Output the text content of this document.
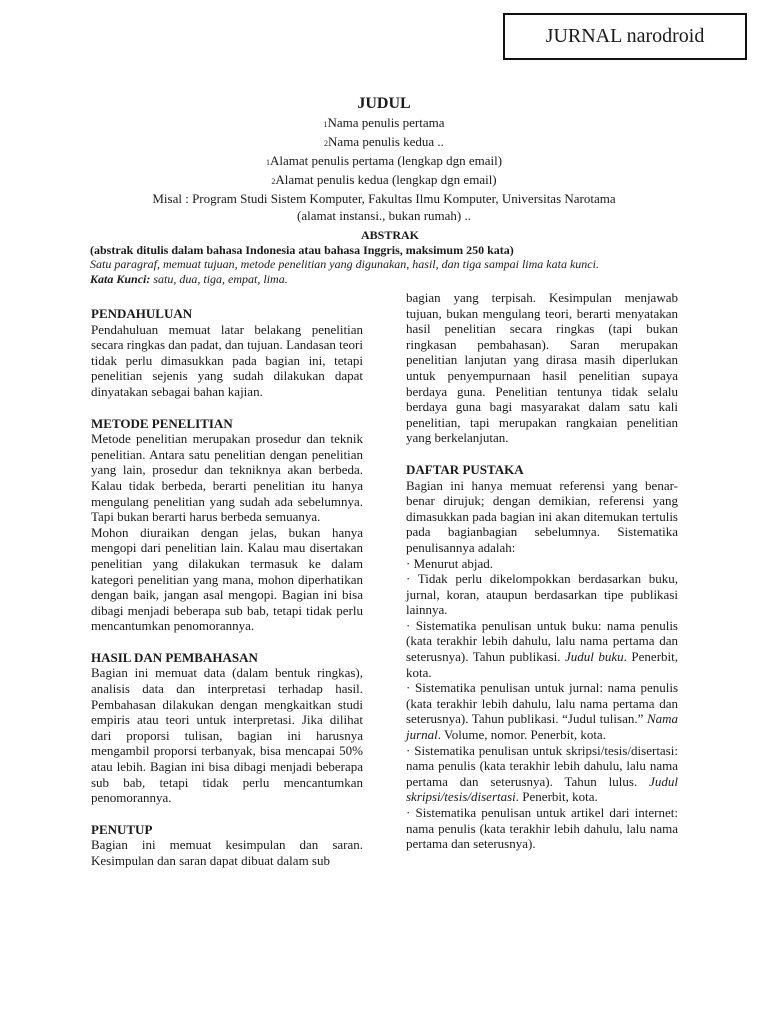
JURNAL narodroid
JUDUL
1Nama penulis pertama
2Nama penulis kedua ..
1Alamat penulis pertama (lengkap dgn email)
2Alamat penulis kedua (lengkap dgn email)
Misal : Program Studi Sistem Komputer, Fakultas Ilmu Komputer, Universitas Narotama
(alamat instansi., bukan rumah) ..
ABSTRAK
(abstrak ditulis dalam bahasa Indonesia atau bahasa Inggris, maksimum 250 kata)
Satu paragraf, memuat tujuan, metode penelitian yang digunakan, hasil, dan tiga sampai lima kata kunci.
Kata Kunci: satu, dua, tiga, empat, lima.

PENDAHULUAN

Pendahuluan memuat latar belakang penelitian secara ringkas dan padat, dan tujuan. Landasan teori tidak perlu dimasukkan pada bagian ini, tetapi penelitian sejenis yang sudah dilakukan dapat dinyatakan sebagai bahan kajian.

METODE PENELITIAN

Metode penelitian merupakan prosedur dan teknik penelitian. Antara satu penelitian dengan penelitian yang lain, prosedur dan tekniknya akan berbeda. Kalau tidak berbeda, berarti penelitian itu hanya mengulang penelitian yang sudah ada sebelumnya. Tapi bukan berarti harus berbeda semuanya.

Mohon diuraikan dengan jelas, bukan hanya mengopi dari penelitian lain. Kalau mau disertakan penelitian yang dilakukan termasuk ke dalam kategori penelitian yang mana, mohon diperhatikan dengan baik, jangan asal mengopi. Bagian ini bisa dibagi menjadi beberapa sub bab, tetapi tidak perlu mencantumkan penomorannya.

HASIL DAN PEMBAHASAN

Bagian ini memuat data (dalam bentuk ringkas), analisis data dan interpretasi terhadap hasil. Pembahasan dilakukan dengan mengkaitkan studi empiris atau teori untuk interpretasi. Jika dilihat dari proporsi tulisan, bagian ini harusnya mengambil proporsi terbanyak, bisa mencapai 50% atau lebih. Bagian ini bisa dibagi menjadi beberapa sub bab, tetapi tidak perlu mencantumkan penomorannya.

PENUTUP

Bagian ini memuat kesimpulan dan saran. Kesimpulan dan saran dapat dibuat dalam sub

bagian yang terpisah. Kesimpulan menjawab tujuan, bukan mengulang teori, berarti menyatakan hasil penelitian secara ringkas (tapi bukan ringkasan pembahasan). Saran merupakan penelitian lanjutan yang dirasa masih diperlukan untuk penyempurnaan hasil penelitian supaya berdaya guna. Penelitian tentunya tidak selalu berdaya guna bagi masyarakat dalam satu kali penelitian, tapi merupakan rangkaian penelitian yang berkelanjutan.

DAFTAR PUSTAKA

Bagian ini hanya memuat referensi yang benar-benar dirujuk; dengan demikian, referensi yang dimasukkan pada bagian ini akan ditemukan tertulis pada bagianbagian sebelumnya. Sistematika penulisannya adalah:

· Menurut abjad.

· Tidak perlu dikelompokkan berdasarkan buku, jurnal, koran, ataupun berdasarkan tipe publikasi lainnya.

· Sistematika penulisan untuk buku: nama penulis (kata terakhir lebih dahulu, lalu nama pertama dan seterusnya). Tahun publikasi. Judul buku. Penerbit, kota.

· Sistematika penulisan untuk jurnal: nama penulis (kata terakhir lebih dahulu, lalu nama pertama dan seterusnya). Tahun publikasi. “Judul tulisan.” Nama jurnal. Volume, nomor. Penerbit, kota.

· Sistematika penulisan untuk skripsi/tesis/disertasi: nama penulis (kata terakhir lebih dahulu, lalu nama pertama dan seterusnya). Tahun lulus. Judul skripsi/tesis/disertasi. Penerbit, kota.

· Sistematika penulisan untuk artikel dari internet: nama penulis (kata terakhir lebih dahulu, lalu nama pertama dan seterusnya).
